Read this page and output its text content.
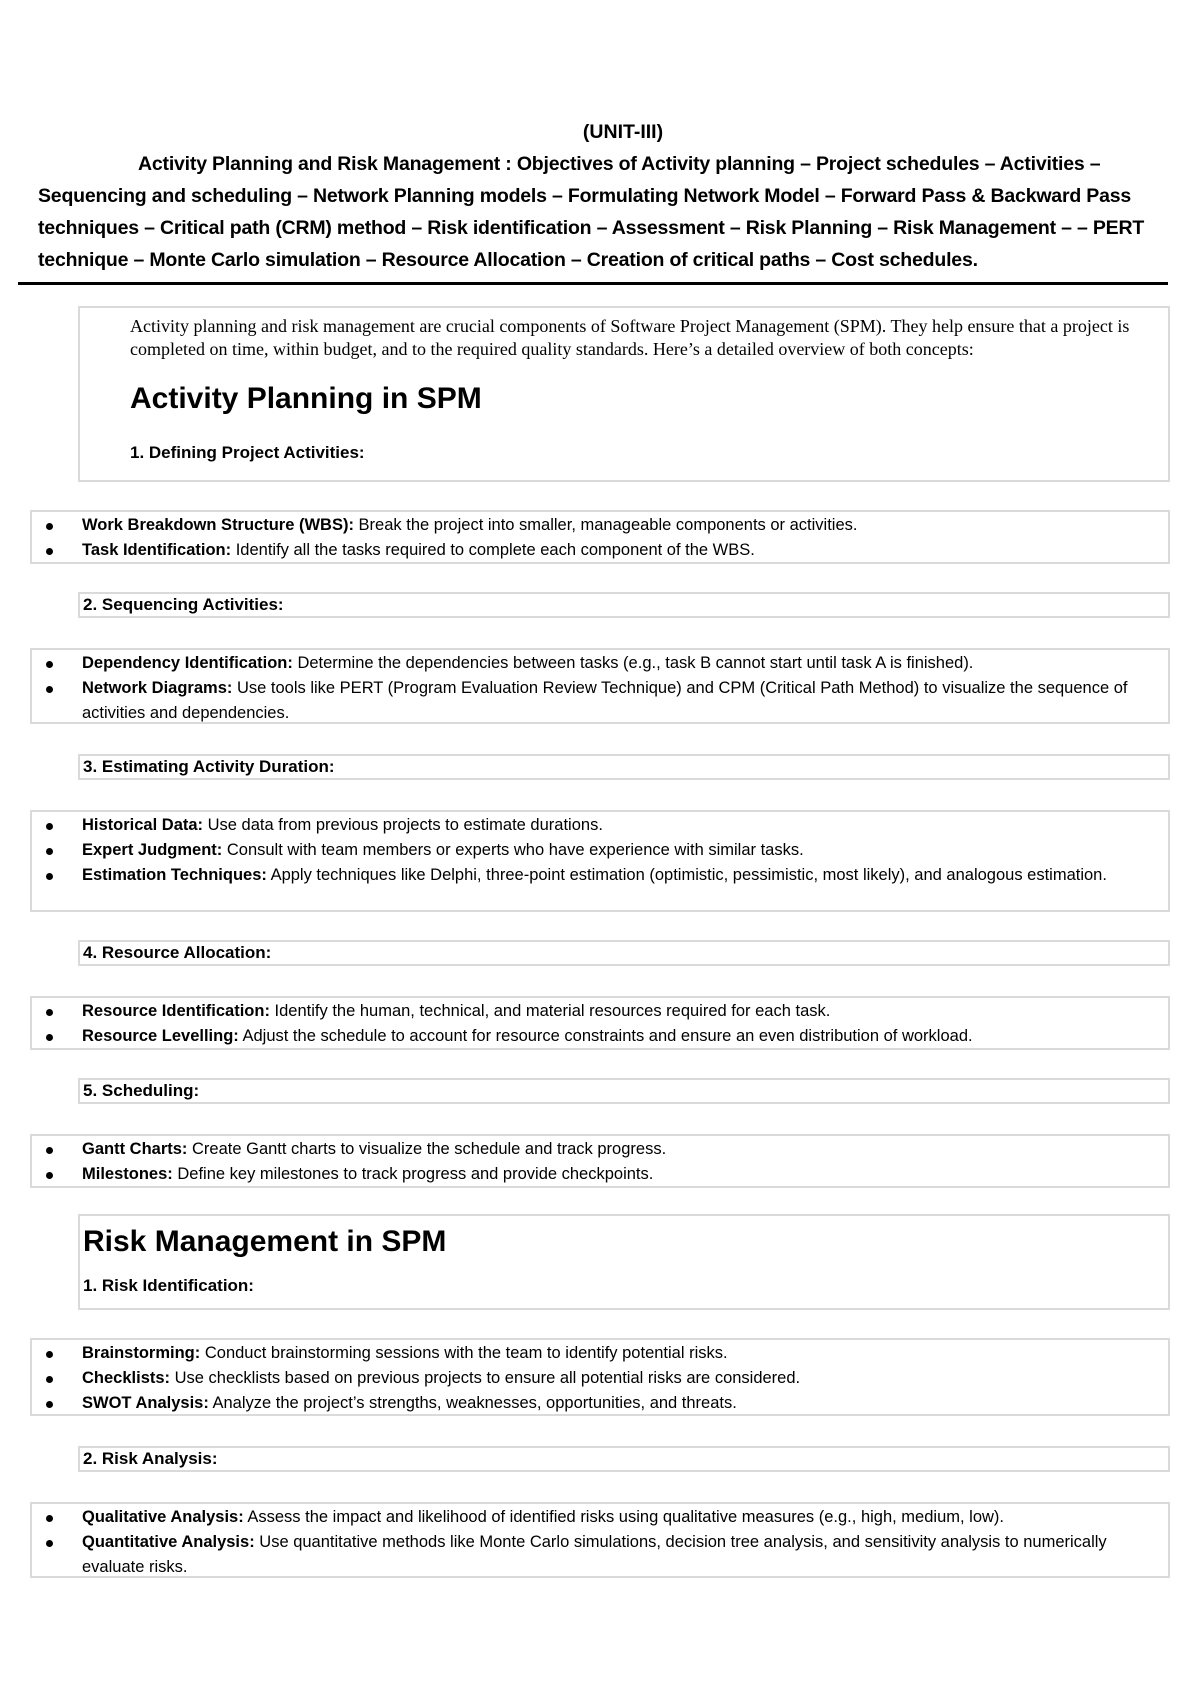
(UNIT-III)
Activity Planning and Risk Management : Objectives of Activity planning – Project schedules – Activities – Sequencing and scheduling – Network Planning models – Formulating Network Model – Forward Pass & Backward Pass techniques – Critical path (CRM) method – Risk identification – Assessment – Risk Planning – Risk Management – – PERT technique – Monte Carlo simulation – Resource Allocation – Creation of critical paths – Cost schedules.

Activity planning and risk management are crucial components of Software Project Management (SPM). They help ensure that a project is completed on time, within budget, and to the required quality standards. Here’s a detailed overview of both concepts:

Activity Planning in SPM
1. Defining Project Activities:
Work Breakdown Structure (WBS): Break the project into smaller, manageable components or activities.
Task Identification: Identify all the tasks required to complete each component of the WBS.
2. Sequencing Activities:
Dependency Identification: Determine the dependencies between tasks (e.g., task B cannot start until task A is finished).
Network Diagrams: Use tools like PERT (Program Evaluation Review Technique) and CPM (Critical Path Method) to visualize the sequence of activities and dependencies.
3. Estimating Activity Duration:
Historical Data: Use data from previous projects to estimate durations.
Expert Judgment: Consult with team members or experts who have experience with similar tasks.
Estimation Techniques: Apply techniques like Delphi, three-point estimation (optimistic, pessimistic, most likely), and analogous estimation.
4. Resource Allocation:
Resource Identification: Identify the human, technical, and material resources required for each task.
Resource Levelling: Adjust the schedule to account for resource constraints and ensure an even distribution of workload.
5. Scheduling:
Gantt Charts: Create Gantt charts to visualize the schedule and track progress.
Milestones: Define key milestones to track progress and provide checkpoints.
Risk Management in SPM
1. Risk Identification:
Brainstorming: Conduct brainstorming sessions with the team to identify potential risks.
Checklists: Use checklists based on previous projects to ensure all potential risks are considered.
SWOT Analysis: Analyze the project’s strengths, weaknesses, opportunities, and threats.
2. Risk Analysis:
Qualitative Analysis: Assess the impact and likelihood of identified risks using qualitative measures (e.g., high, medium, low).
Quantitative Analysis: Use quantitative methods like Monte Carlo simulations, decision tree analysis, and sensitivity analysis to numerically evaluate risks.
